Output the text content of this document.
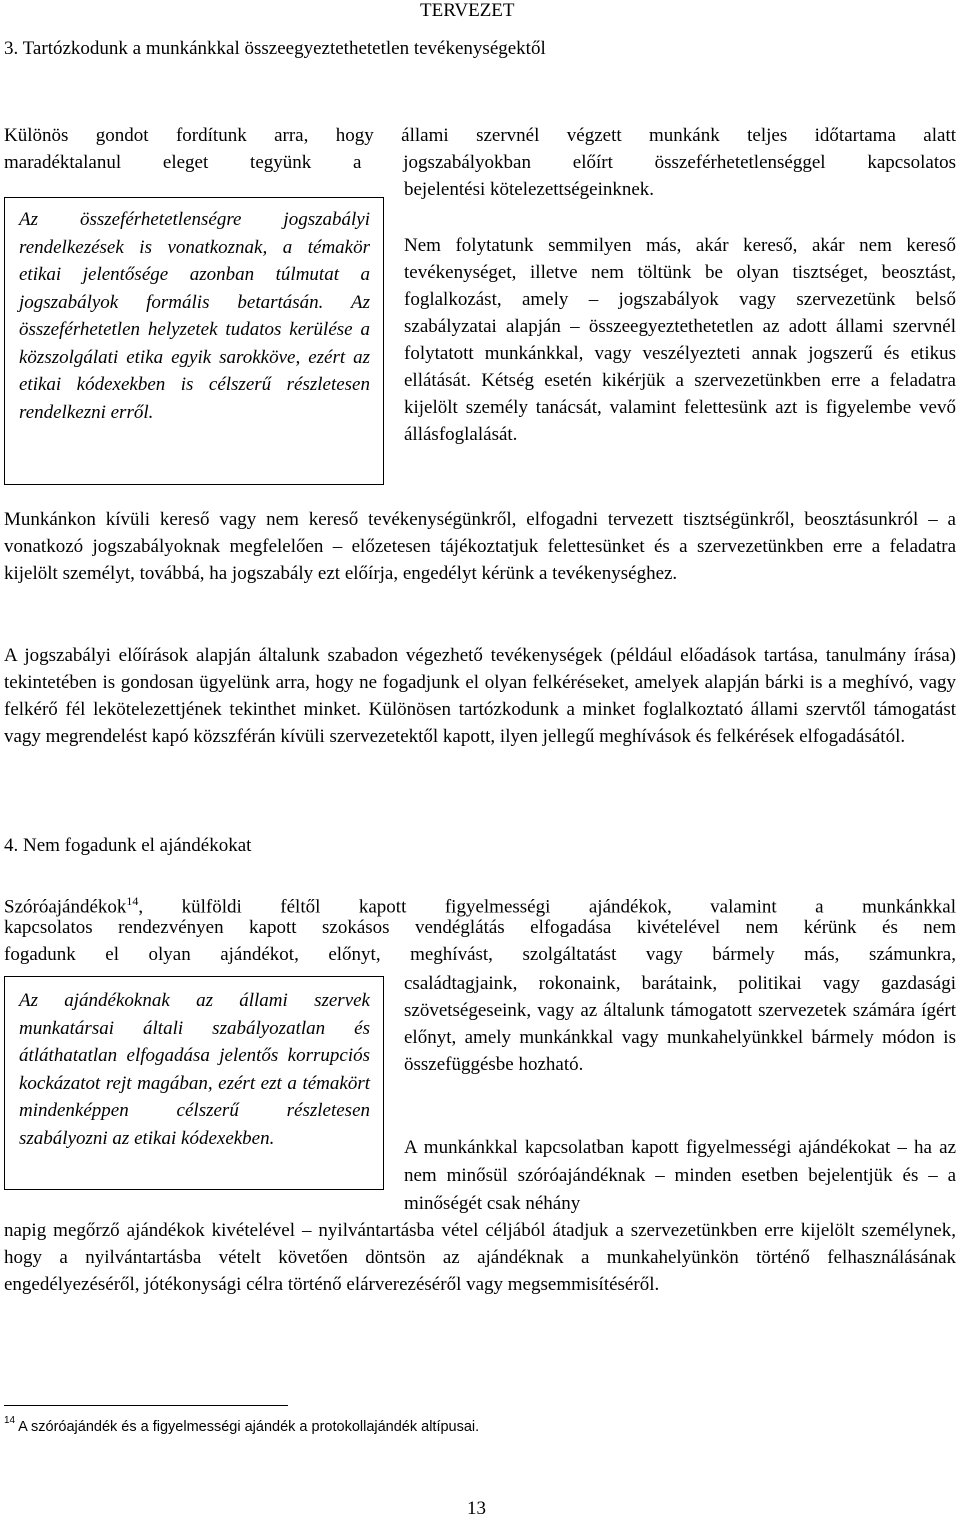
TERVEZET
3. Tartózkodunk a munkánkkal összeegyeztethetetlen tevékenységektől
Különös gondot fordítunk arra, hogy állami szervnél végzett munkánk teljes időtartama alatt
maradéktalanul eleget tegyünk a jogszabályokban előírt összeférhetetlenséggel kapcsolatos
bejelentési kötelezettségeinknek.
Az összeférhetetlenségre jogszabályi rendelkezések is vonatkoznak, a témakör etikai jelentősége azonban túlmutat a jogszabályok formális betartásán. Az összeférhetetlen helyzetek tudatos kerülése a közszolgálati etika egyik sarokköve, ezért az etikai kódexekben is célszerű részletesen rendelkezni erről.
Nem folytatunk semmilyen más, akár kereső, akár nem kereső tevékenységet, illetve nem töltünk be olyan tisztséget, beosztást, foglalkozást, amely – jogszabályok vagy szervezetünk belső szabályzatai alapján – összeegyeztethetetlen az adott állami szervnél folytatott munkánkkal, vagy veszélyezteti annak jogszerű és etikus ellátását. Kétség esetén kikérjük a szervezetünkben erre a feladatra kijelölt személy tanácsát, valamint felettesünk azt is figyelembe vevő állásfoglalását.
Munkánkon kívüli kereső vagy nem kereső tevékenységünkről, elfogadni tervezett tisztségünkről, beosztásunkról – a vonatkozó jogszabályoknak megfelelően – előzetesen tájékoztatjuk felettesünket és a szervezetünkben erre a feladatra kijelölt személyt, továbbá, ha jogszabály ezt előírja, engedélyt kérünk a tevékenységhez.
A jogszabályi előírások alapján általunk szabadon végezhető tevékenységek (például előadások tartása, tanulmány írása) tekintetében is gondosan ügyelünk arra, hogy ne fogadjunk el olyan felkéréseket, amelyek alapján bárki is a meghívó, vagy felkérő fél lekötelezettjének tekinthet minket. Különösen tartózkodunk a minket foglalkoztató állami szervtől támogatást vagy megrendelést kapó közszférán kívüli szervezetektől kapott, ilyen jellegű meghívások és felkérések elfogadásától.
4. Nem fogadunk el ajándékokat
Szóróajándékok$^{14}$, külföldi féltől kapott figyelmességi ajándékok, valamint a munkánkkal
kapcsolatos rendezvényen kapott szokásos vendéglátás elfogadása kivételével nem kérünk és nem
fogadunk el olyan ajándékot, előnyt, meghívást, szolgáltatást vagy bármely más, számunkra,
Az ajándékoknak az állami szervek munkatársai általi szabályozatlan és átláthatatlan elfogadása jelentős korrupciós kockázatot rejt magában, ezért ezt a témakört mindenképpen célszerű részletesen szabályozni az etikai kódexekben.
családtagjaink, rokonaink, barátaink, politikai vagy gazdasági szövetségeseink, vagy az általunk támogatott szervezetek számára ígért előnyt, amely munkánkkal vagy munkahelyünkkel bármely módon is összefüggésbe hozható.
A munkánkkal kapcsolatban kapott figyelmességi ajándékokat – ha az nem minősül szóróajándéknak – minden esetben bejelentjük és – a minőségét csak néhány
napig megőrző ajándékok kivételével – nyilvántartásba vétel céljából átadjuk a szervezetünkben erre kijelölt személynek, hogy a nyilvántartásba vételt követően döntsön az ajándéknak a munkahelyünkön történő felhasználásának engedélyezéséről, jótékonysági célra történő elárverezéséről vagy megsemmisítéséről.
$^{14}$ A szóróajándék és a figyelmességi ajándék a protokollajándék altípusai.
13
